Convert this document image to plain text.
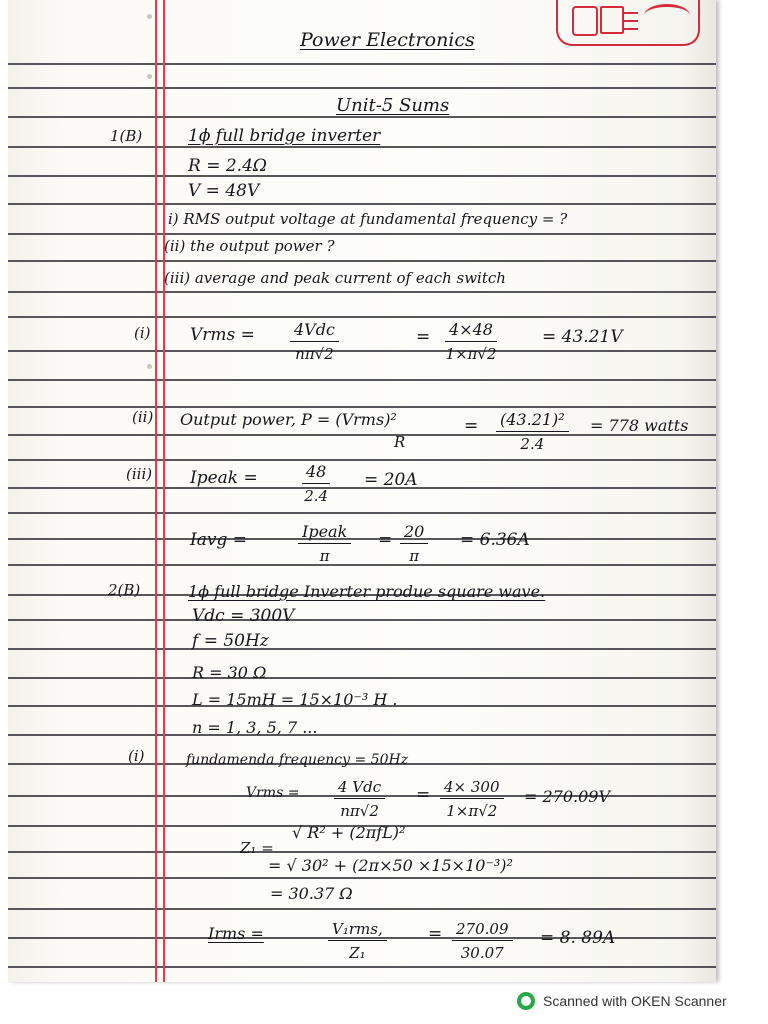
Power Electronics
Unit-5 Sums
1(B)	1ϕ full bridge inverter
R = 2.4Ω
V = 48V
i) RMS output voltage at fundamental frequency = ?
(ii) the output power ?
(iii) average and peak current of each switch
(i) Vrms = 4Vdc
nπ√2
= $\frac{4\times 48}{1\times\pi√2}$	= 43.21V
(ii) Output power, P = (Vrms)²
R
= $\frac{\text{(43.21)²}}{2.4} = 778$ watts
(iii) Ipeak =	$\frac{48}{2.4} = 20A$
Iavg =	Ipeak
π
= $\frac{20}{\pi} = 6.36A$
2(B)	1ϕ full bridge Inverter produe square wave.
Vdc = 300V
f = 50Hz
R = 30 Ω
L = 15mH = 15×10⁻³ H .
n = 1, 3, 5, 7 ...
(i)	fundamenda frequency = 50Hz
Vrms =	4 Vdc
nπ√2
= $\frac{4\times 300}{1\times\pi√2} = 270.09V$
Z₁ =
√ R² + (2πfL)²
= √ 30² + (2π×50 ×15×10⁻³)²
= 30.37 Ω
Irms =	V₁rms,
Z₁
= $\frac{270.09}{30.07} = 8$. 89A
Scanned with OKEN Scanner
